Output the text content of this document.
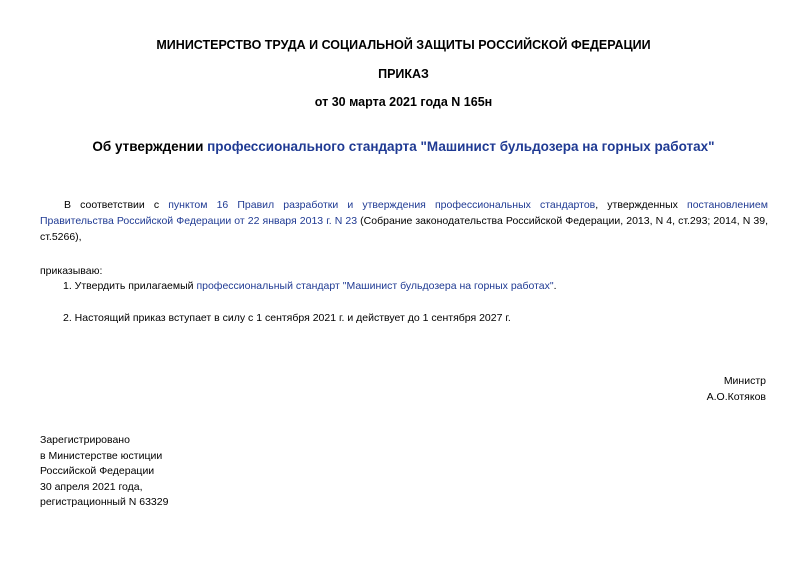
МИНИСТЕРСТВО ТРУДА И СОЦИАЛЬНОЙ ЗАЩИТЫ РОССИЙСКОЙ ФЕДЕРАЦИИ
ПРИКАЗ
от 30 марта 2021 года N 165н
Об утверждении профессионального стандарта "Машинист бульдозера на горных работах"
В соответствии с пунктом 16 Правил разработки и утверждения профессиональных стандартов, утвержденных постановлением Правительства Российской Федерации от 22 января 2013 г. N 23 (Собрание законодательства Российской Федерации, 2013, N 4, ст.293; 2014, N 39, ст.5266),
приказываю:
1. Утвердить прилагаемый профессиональный стандарт "Машинист бульдозера на горных работах".
2. Настоящий приказ вступает в силу с 1 сентября 2021 г. и действует до 1 сентября 2027 г.
Министр
А.О.Котяков
Зарегистрировано
в Министерстве юстиции
Российской Федерации
30 апреля 2021 года,
регистрационный N 63329
